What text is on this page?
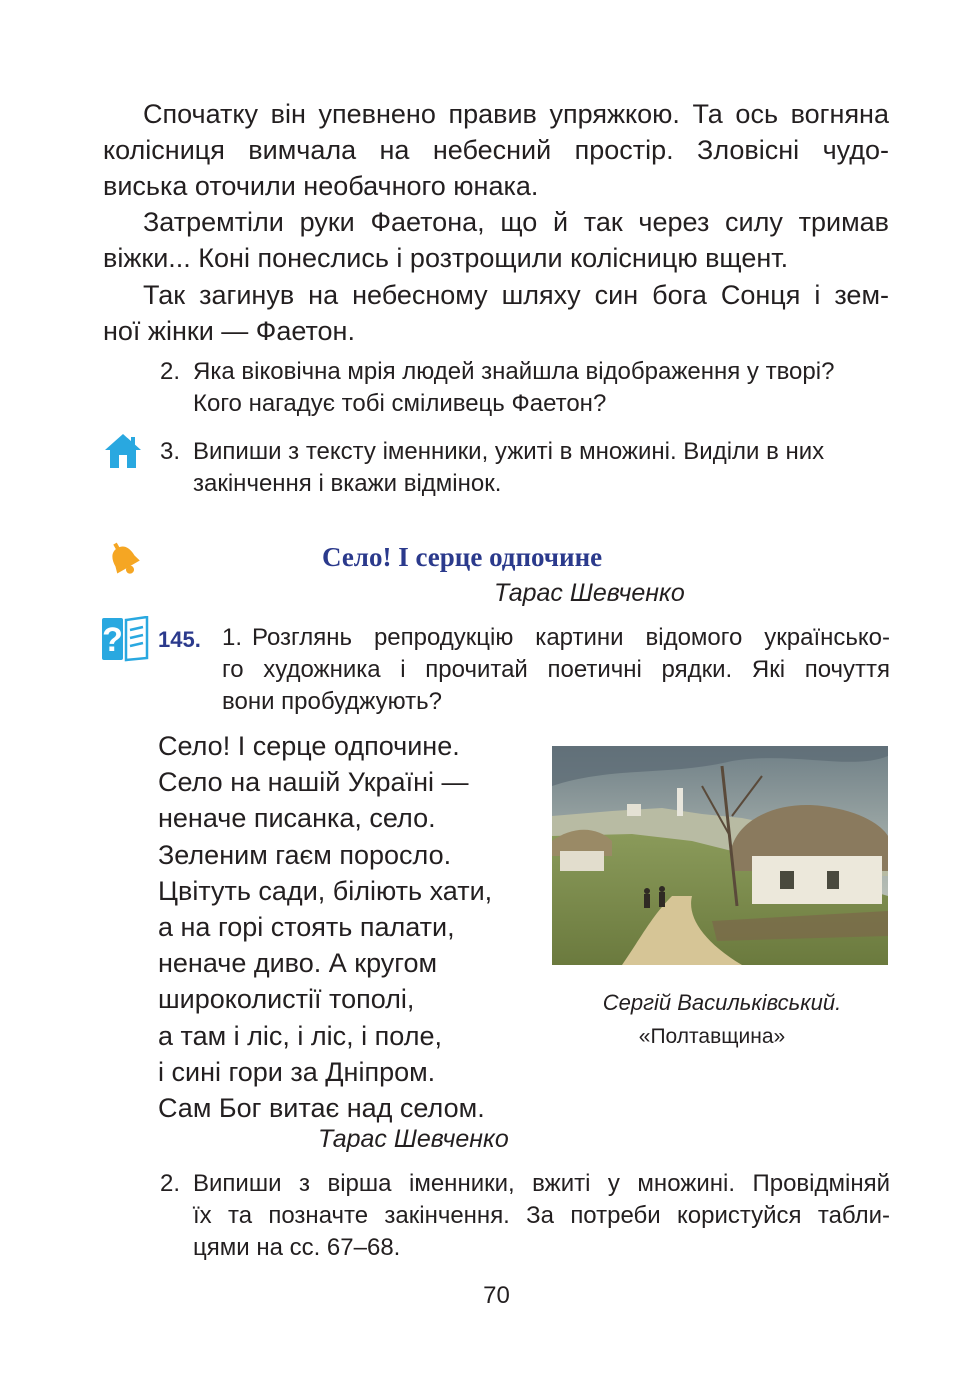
Спочатку він упевнено правив упряжкою. Та ось вогняна
колісниця вимчала на небесний простір. Зловісні чудо-
виська оточили необачного юнака.
Затремтіли руки Фаетона, що й так через силу тримав
віжки... Коні понеслись і розтрощили колісницю вщент.
Так загинув на небесному шляху син бога Сонця і зем-
ної жінки — Фаетон.
2. Яка віковічна мрія людей знайшла відображення у творі?
Кого нагадує тобі сміливець Фаетон?
3. Випиши з тексту іменники, ужиті в множині. Виділи в них
закінчення і вкажи відмінок.
Село! І серце одпочине
Тарас Шевченко
? 145. 1. Розглянь репродукцію картини відомого українсько-
го художника і прочитай поетичні рядки. Які почуття
вони пробуджують?
Село! І серце одпочине.
Село на нашій Україні —
неначе писанка, село.
Зеленим гаєм поросло.
Цвітуть сади, біліють хати,
а на горі стоять палати,
неначе диво. А кругом
широколистії тополі,
а там і ліс, і ліс, і поле,
і сині гори за Дніпром.
Сам Бог витає над селом.
Тарас Шевченко
Сергій Васильківський.
«Полтавщина»
2. Випиши з вірша іменники, вжиті у множині. Провідміняй
їх та позначте закінчення. За потреби користуйся табли-
цями на сс. 67–68.
70
